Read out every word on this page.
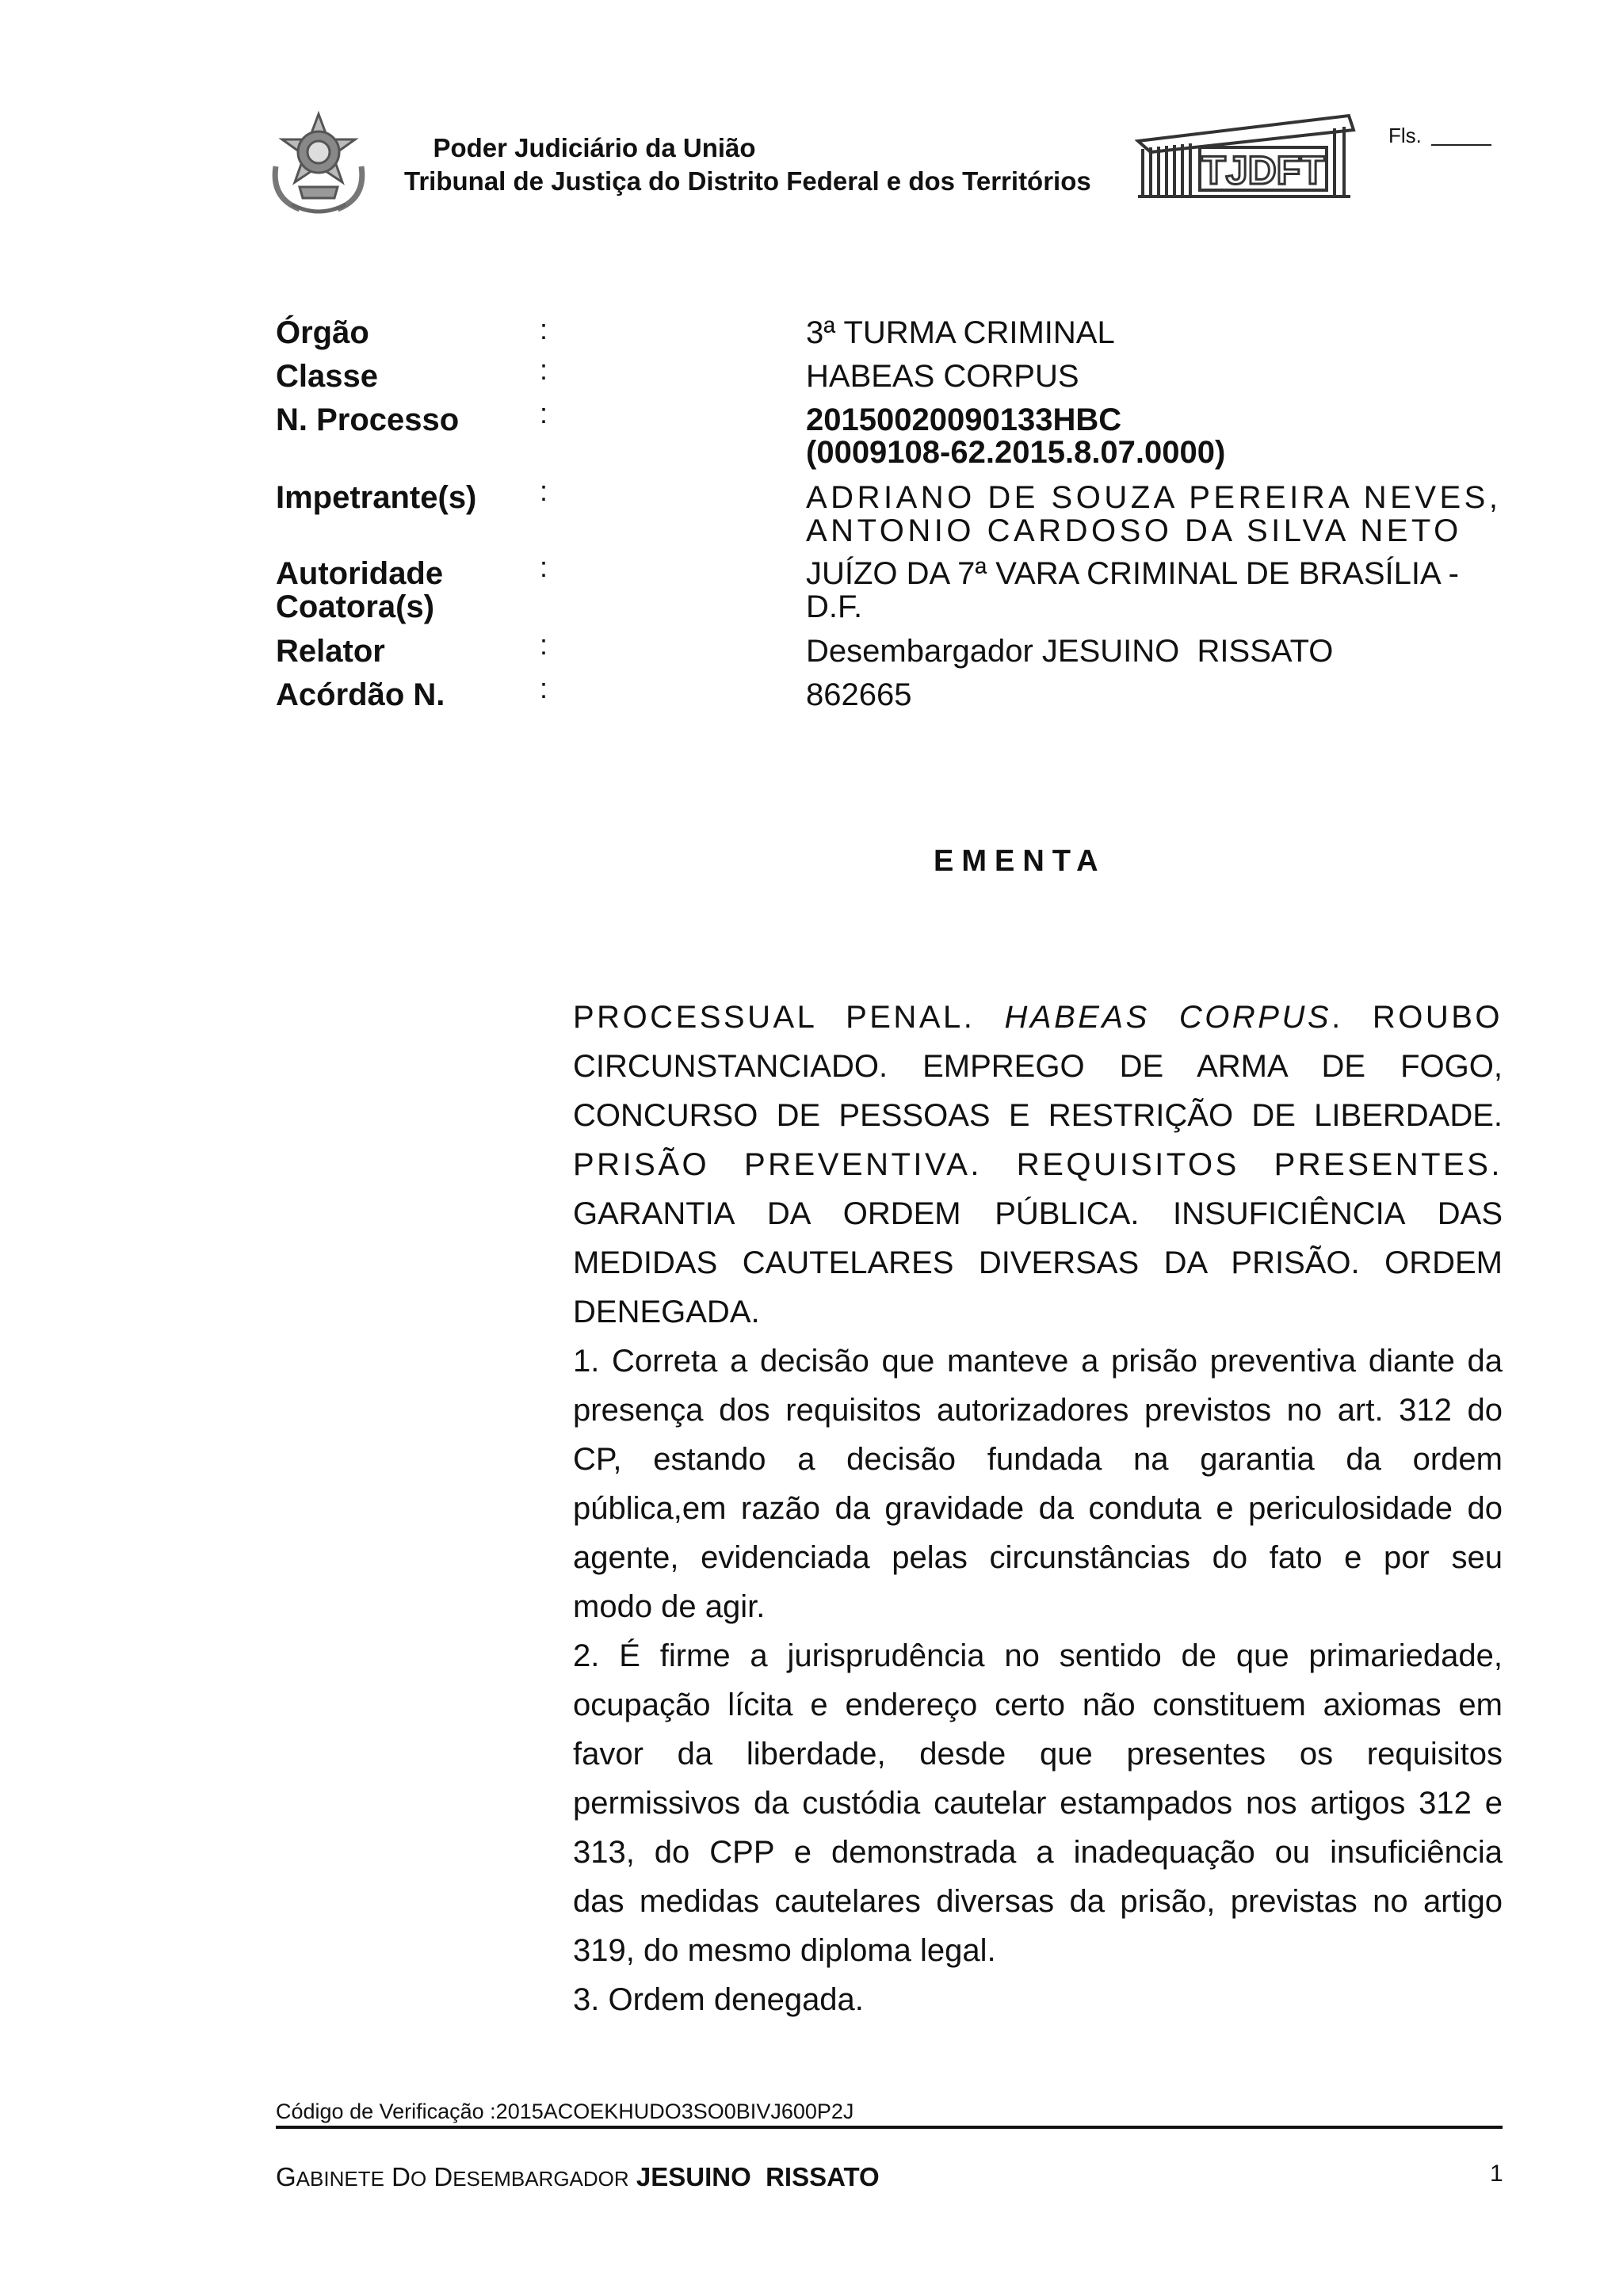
Poder Judiciário da União
Tribunal de Justiça do Distrito Federal e dos Territórios	TJDFT
Fls.
Órgão	:	3ª TURMA CRIMINAL
Classe	:	HABEAS CORPUS
N. Processo	:	20150020090133HBC
(0009108-62.2015.8.07.0000)
Impetrante(s) :	ADRIANO DE SOUZA PEREIRA NEVES,
ANTONIO CARDOSO DA SILVA NETO
Autoridade
Coatora(s)
:	JUÍZO DA 7ª VARA CRIMINAL DE BRASÍLIA -
D.F.
Relator	:	Desembargador JESUINO  RISSATO
Acórdão N.	:	862665
EMENTA
PROCESSUAL PENAL. HABEAS CORPUS. ROUBO
CIRCUNSTANCIADO. EMPREGO DE ARMA DE FOGO,
CONCURSO DE PESSOAS E RESTRIÇÃO DE LIBERDADE.
PRISÃO PREVENTIVA. REQUISITOS PRESENTES.
GARANTIA DA ORDEM PÚBLICA. INSUFICIÊNCIA DAS
MEDIDAS CAUTELARES DIVERSAS DA PRISÃO. ORDEM
DENEGADA.
1. Correta a decisão que manteve a prisão preventiva diante da
presença dos requisitos autorizadores previstos no art. 312 do
CP, estando a decisão fundada na garantia da ordem
pública,em razão da gravidade da conduta e periculosidade do
agente, evidenciada pelas circunstâncias do fato e por seu
modo de agir.
2. É firme a jurisprudência no sentido de que primariedade,
ocupação lícita e endereço certo não constituem axiomas em
favor da liberdade, desde que presentes os requisitos
permissivos da custódia cautelar estampados nos artigos 312 e
313, do CPP e demonstrada a inadequação ou insuficiência
das medidas cautelares diversas da prisão, previstas no artigo
319, do mesmo diploma legal.
3. Ordem denegada.
Código de Verificação :2015ACOEKHUDO3SO0BIVJ600P2J
GABINETE DO DESEMBARGADOR JESUINO  RISSATO	1
